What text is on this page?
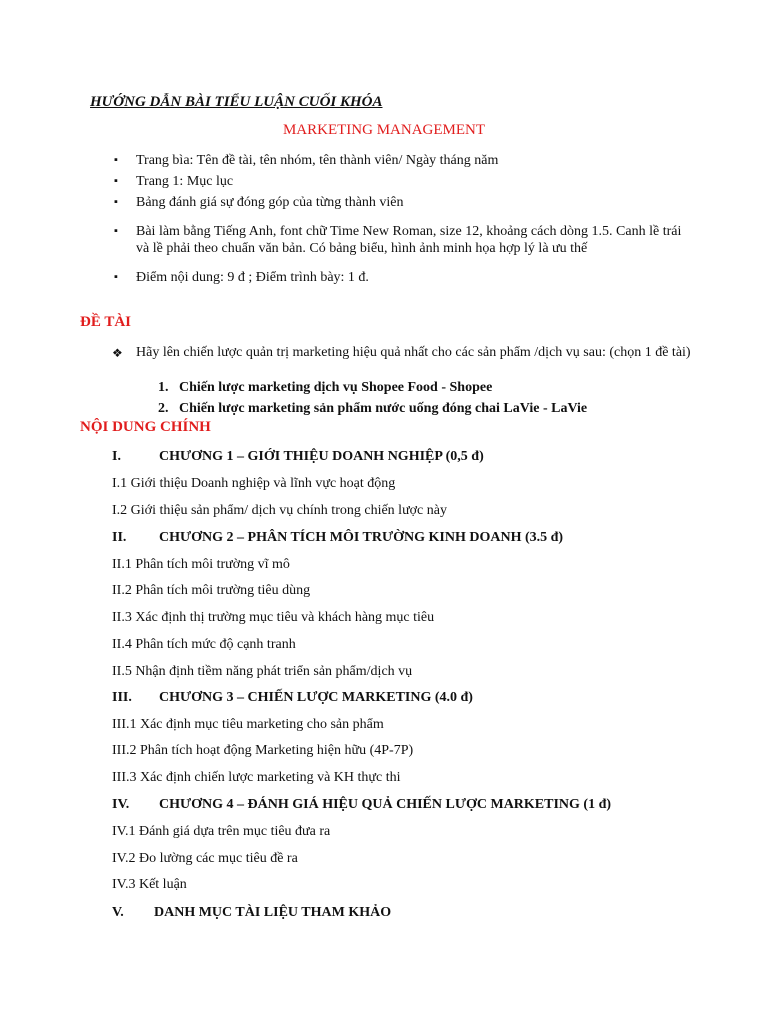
HƯỚNG DẪN BÀI TIỂU LUẬN CUỐI KHÓA
MARKETING MANAGEMENT
▪ Trang bìa: Tên đề tài, tên nhóm, tên thành viên/ Ngày tháng năm
▪ Trang 1: Mục lục
▪ Bảng đánh giá sự đóng góp của từng thành viên
▪ Bài làm bằng Tiếng Anh, font chữ Time New Roman, size 12, khoảng cách dòng 1.5. Canh lề trái và lề phải theo chuẩn văn bản. Có bảng biểu, hình ảnh minh họa hợp lý là ưu thế
▪ Điểm nội dung: 9 đ ; Điểm trình bày: 1 đ.
ĐỀ TÀI
❖ Hãy lên chiến lược quản trị marketing hiệu quả nhất cho các sản phẩm /dịch vụ sau: (chọn 1 đề tài)
1. Chiến lược marketing dịch vụ Shopee Food - Shopee
2. Chiến lược marketing sản phẩm nước uống đóng chai LaVie - LaVie
NỘI DUNG CHÍNH
I.	CHƯƠNG 1 – GIỚI THIỆU DOANH NGHIỆP (0,5 đ)
I.1 Giới thiệu Doanh nghiệp và lĩnh vực hoạt động
I.2 Giới thiệu sản phẩm/ dịch vụ chính trong chiến lược này
II. CHƯƠNG 2 – PHÂN TÍCH MÔI TRƯỜNG KINH DOANH (3.5 đ)
II.1 Phân tích môi trường vĩ mô
II.2 Phân tích môi trường tiêu dùng
II.3 Xác định thị trường mục tiêu và khách hàng mục tiêu
II.4 Phân tích mức độ cạnh tranh
II.5 Nhận định tiềm năng phát triển sản phẩm/dịch vụ
III. CHƯƠNG 3 – CHIẾN LƯỢC MARKETING (4.0 đ)
III.1 Xác định mục tiêu marketing cho sản phẩm
III.2 Phân tích hoạt động Marketing hiện hữu (4P-7P)
III.3 Xác định chiến lược marketing và KH thực thi
IV. CHƯƠNG 4 – ĐÁNH GIÁ HIỆU QUẢ CHIẾN LƯỢC MARKETING (1 đ)
IV.1 Đánh giá dựa trên mục tiêu đưa ra
IV.2 Đo lường các mục tiêu đề ra
IV.3 Kết luận
V. DANH MỤC TÀI LIỆU THAM KHẢO
